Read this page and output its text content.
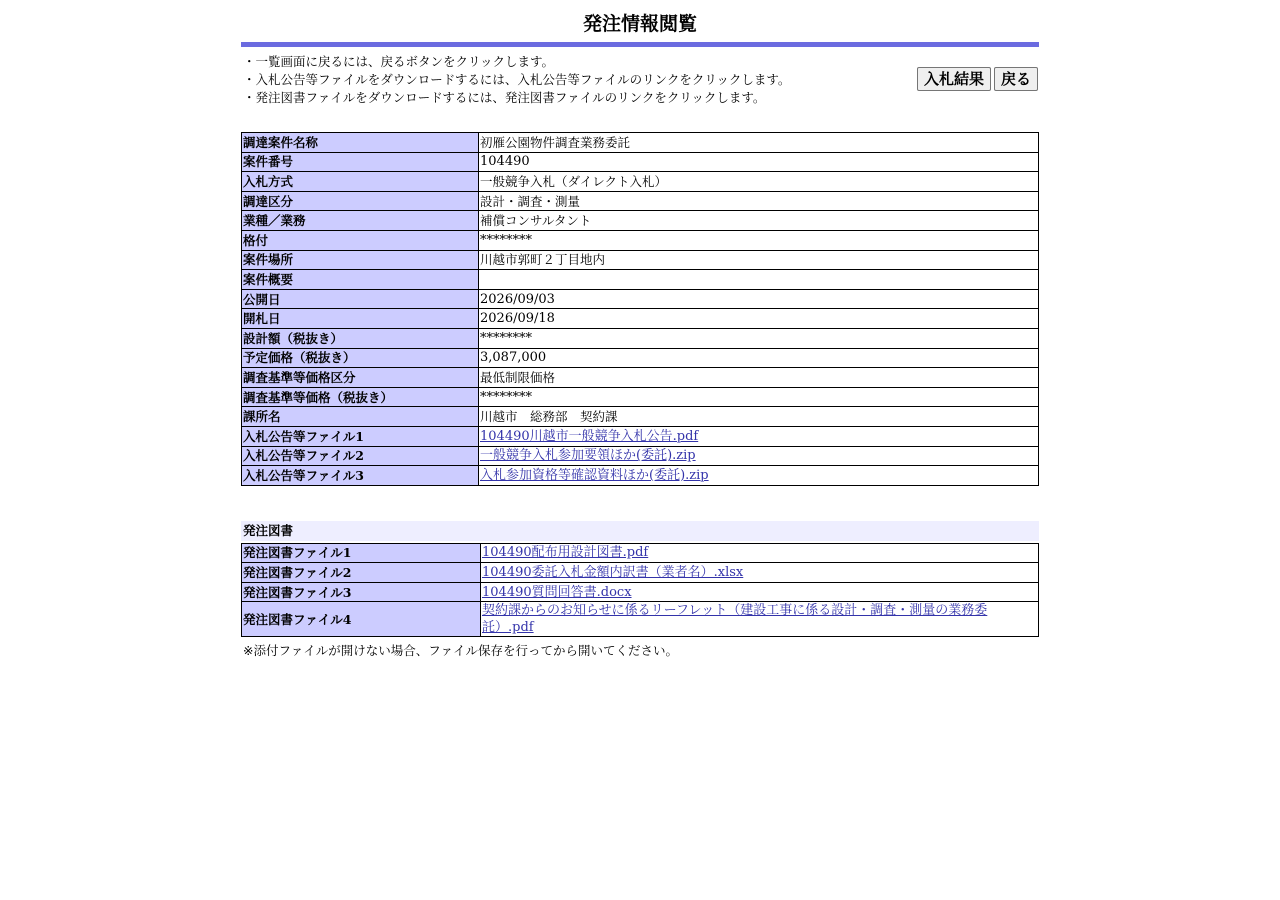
発注情報閲覧
・一覧画面に戻るには、戻るボタンをクリックします。
・入札公告等ファイルをダウンロードするには、入札公告等ファイルのリンクをクリックします。
・発注図書ファイルをダウンロードするには、発注図書ファイルのリンクをクリックします。
入札結果	戻る
調達案件名称	初雁公園物件調査業務委託
案件番号	104490
入札方式	一般競争入札（ダイレクト入札）
調達区分	設計・調査・測量
業種／業務	補償コンサルタント
格付	********
案件場所	川越市郭町２丁目地内
案件概要	
公開日	2026/09/03
開札日	2026/09/18
設計額（税抜き）	********
予定価格（税抜き）	3,087,000
調査基準等価格区分	最低制限価格
調査基準等価格（税抜き）	********
課所名	川越市　総務部　契約課
入札公告等ファイル1	104490川越市一般競争入札公告.pdf
入札公告等ファイル2	一般競争入札参加要領ほか(委託).zip
入札公告等ファイル3	入札参加資格等確認資料ほか(委託).zip
発注図書
発注図書ファイル1	104490配布用設計図書.pdf
発注図書ファイル2	104490委託入札金額内訳書（業者名）.xlsx
発注図書ファイル3	104490質問回答書.docx
発注図書ファイル4	契約課からのお知らせに係るリーフレット（建設工事に係る設計・調査・測量の業務委託）.pdf
※添付ファイルが開けない場合、ファイル保存を行ってから開いてください。
